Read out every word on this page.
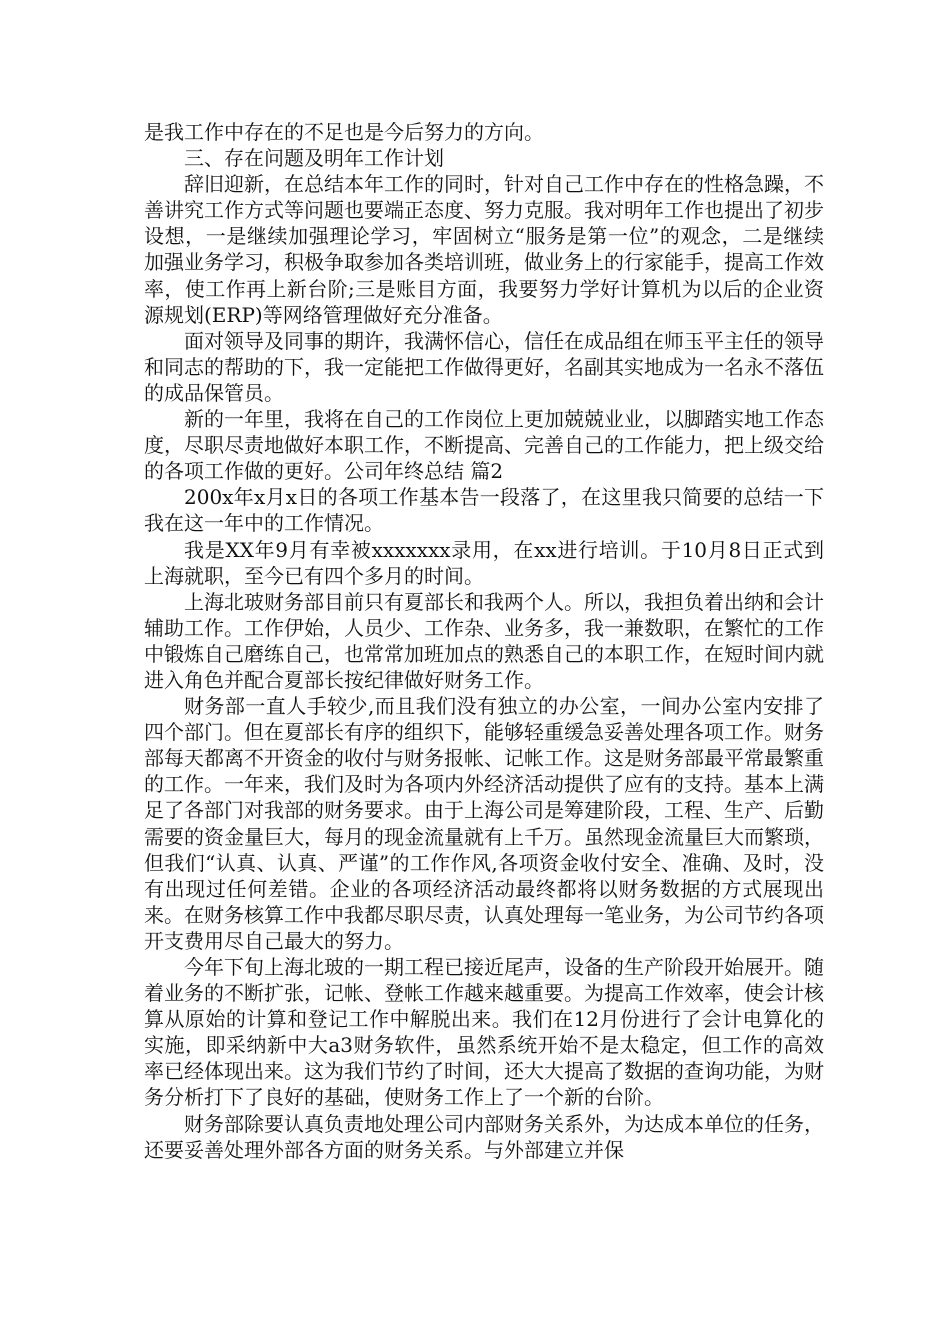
是我工作中存在的不足也是今后努力的方向。

三、存在问题及明年工作计划

辞旧迎新，在总结本年工作的同时，针对自己工作中存在的性格急躁，不善讲究工作方式等问题也要端正态度、努力克服。我对明年工作也提出了初步设想，一是继续加强理论学习，牢固树立“服务是第一位”的观念，二是继续加强业务学习，积极争取参加各类培训班，做业务上的行家能手，提高工作效率，使工作再上新台阶;三是账目方面，我要努力学好计算机为以后的企业资源规划(ERP)等网络管理做好充分准备。

面对领导及同事的期许，我满怀信心，信任在成品组在师玉平主任的领导和同志的帮助的下，我一定能把工作做得更好，名副其实地成为一名永不落伍的成品保管员。

新的一年里，我将在自己的工作岗位上更加兢兢业业，以脚踏实地工作态度，尽职尽责地做好本职工作，不断提高、完善自己的工作能力，把上级交给的各项工作做的更好。公司年终总结 篇2

200x年x月x日的各项工作基本告一段落了，在这里我只简要的总结一下我在这一年中的工作情况。

我是XX年9月有幸被xxxxxxx录用，在xx进行培训。于10月8日正式到上海就职，至今已有四个多月的时间。

上海北玻财务部目前只有夏部长和我两个人。所以，我担负着出纳和会计辅助工作。工作伊始，人员少、工作杂、业务多，我一兼数职，在繁忙的工作中锻炼自己磨练自己，也常常加班加点的熟悉自己的本职工作，在短时间内就进入角色并配合夏部长按纪律做好财务工作。

财务部一直人手较少,而且我们没有独立的办公室，一间办公室内安排了四个部门。但在夏部长有序的组织下，能够轻重缓急妥善处理各项工作。财务部每天都离不开资金的收付与财务报帐、记帐工作。这是财务部最平常最繁重的工作。一年来，我们及时为各项内外经济活动提供了应有的支持。基本上满足了各部门对我部的财务要求。由于上海公司是筹建阶段，工程、生产、后勤需要的资金量巨大，每月的现金流量就有上千万。虽然现金流量巨大而繁琐，但我们“认真、认真、严谨”的工作作风,各项资金收付安全、准确、及时，没有出现过任何差错。企业的各项经济活动最终都将以财务数据的方式展现出来。在财务核算工作中我都尽职尽责，认真处理每一笔业务，为公司节约各项开支费用尽自己最大的努力。

今年下旬上海北玻的一期工程已接近尾声，设备的生产阶段开始展开。随着业务的不断扩张，记帐、登帐工作越来越重要。为提高工作效率，使会计核算从原始的计算和登记工作中解脱出来。我们在12月份进行了会计电算化的实施，即采纳新中大a3财务软件，虽然系统开始不是太稳定，但工作的高效率已经体现出来。这为我们节约了时间，还大大提高了数据的查询功能，为财务分析打下了良好的基础，使财务工作上了一个新的台阶。

财务部除要认真负责地处理公司内部财务关系外，为达成本单位的任务，还要妥善处理外部各方面的财务关系。与外部建立并保
